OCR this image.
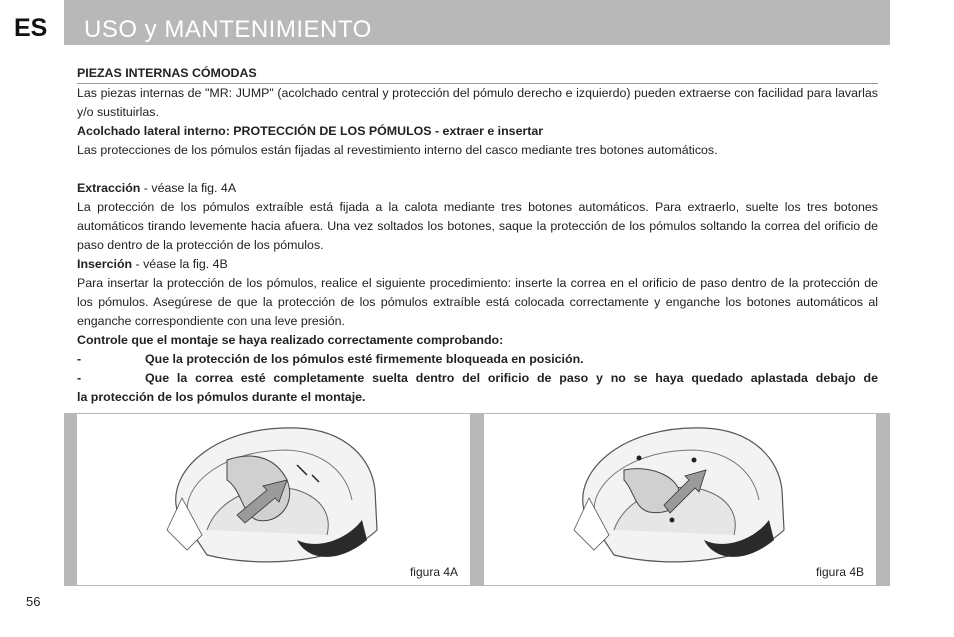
ES USO y MANTENIMIENTO

PIEZAS INTERNAS CÓMODAS

Las piezas internas de "MR: JUMP" (acolchado central y protección del pómulo derecho e izquierdo) pueden extraerse con facilidad para lavarlas y/o sustituirlas.

Acolchado lateral interno: PROTECCIÓN DE LOS PÓMULOS - extraer e insertar

Las protecciones de los pómulos están fijadas al revestimiento interno del casco mediante tres botones automáticos.

Extracción - véase la fig. 4A

La protección de los pómulos extraíble está fijada a la calota mediante tres botones automáticos. Para extraerlo, suelte los tres botones automáticos tirando levemente hacia afuera. Una vez soltados los botones, saque la protección de los pómulos soltando la correa del orificio de paso dentro de la protección de los pómulos.

Inserción - véase la fig. 4B

Para insertar la protección de los pómulos, realice el siguiente procedimiento: inserte la correa en el orificio de paso dentro de la protección de los pómulos. Asegúrese de que la protección de los pómulos extraíble está colocada correctamente y enganche los botones automáticos al enganche correspondiente con una leve presión.

Controle que el montaje se haya realizado correctamente comprobando:

-	Que la protección de los pómulos esté firmemente bloqueada en posición.
-	Que la correa esté completamente suelta dentro del orificio de paso y no se haya quedado aplastada debajo de

la protección de los pómulos durante el montaje.

figura 4A	figura 4B
56
